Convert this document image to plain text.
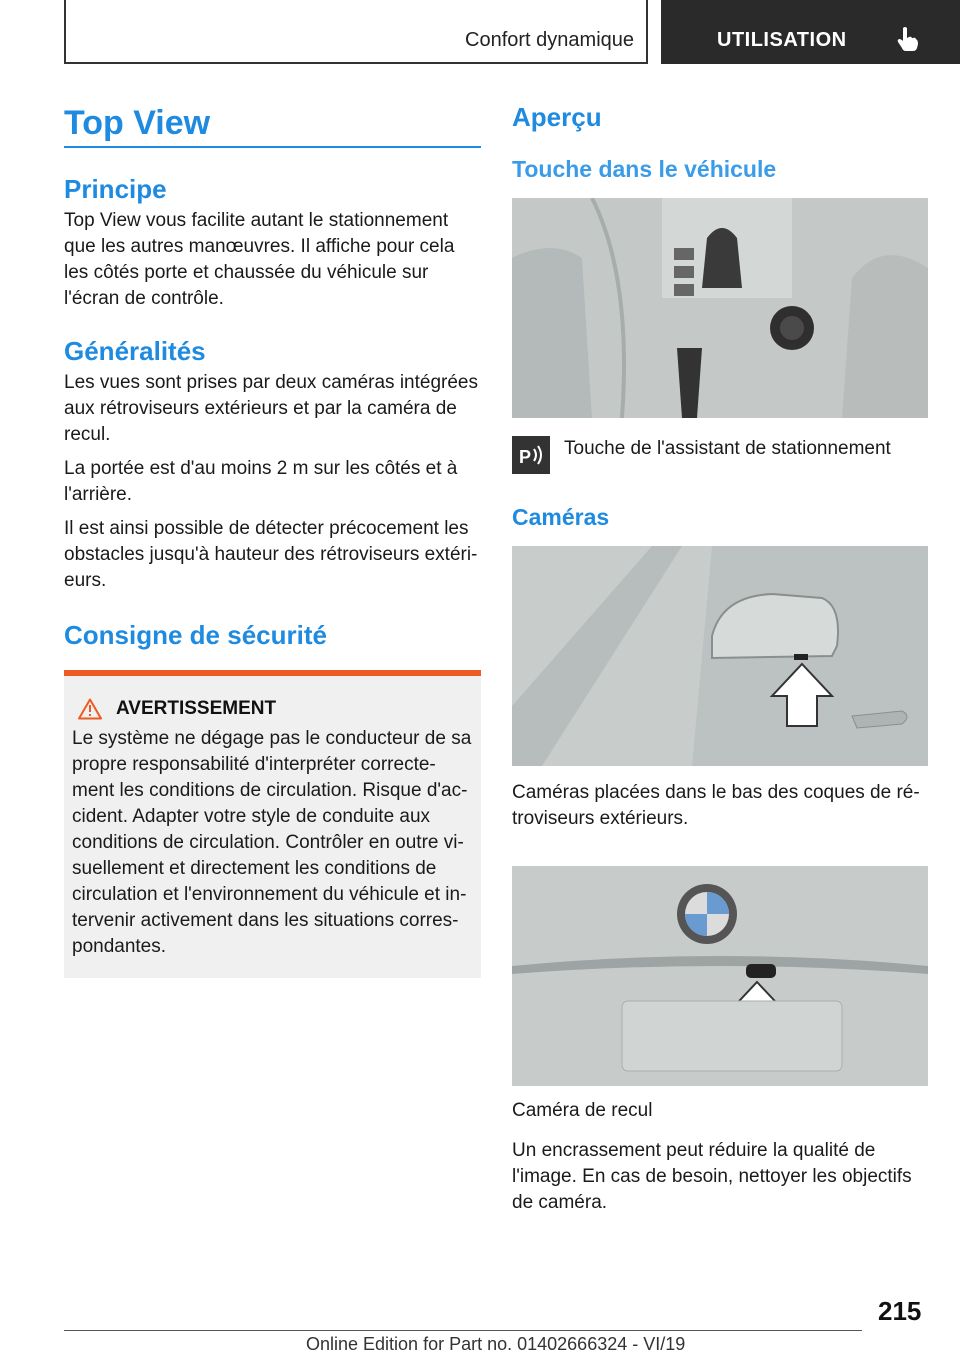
Confort dynamique	UTILISATION
Top View
Principe

Top View vous facilite autant le stationnement que les autres manœuvres. Il affiche pour cela les côtés porte et chaussée du véhicule sur l'écran de contrôle.

Généralités

Les vues sont prises par deux caméras intégrées aux rétroviseurs extérieurs et par la caméra de recul.

La portée est d'au moins 2 m sur les côtés et à l'arrière.

Il est ainsi possible de détecter précocement les obstacles jusqu'à hauteur des rétroviseurs extéri‐eurs.

Consigne de sécurité
AVERTISSEMENT

Le système ne dégage pas le conducteur de sa propre responsabilité d'interpréter correcte‐ment les conditions de circulation. Risque d'ac‐cident. Adapter votre style de conduite aux conditions de circulation. Contrôler en outre vi‐suellement et directement les conditions de circulation et l'environnement du véhicule et in‐tervenir activement dans les situations corres‐pondantes.

Aperçu
Touche dans le véhicule
P Touche de l'assistant de stationnement

Caméras

Caméras placées dans le bas des coques de ré‐troviseurs extérieurs.

Caméra de recul

Un encrassement peut réduire la qualité de l'image. En cas de besoin, nettoyer les objectifs de caméra.

215
Online Edition for Part no. 01402666324 - VI/19
